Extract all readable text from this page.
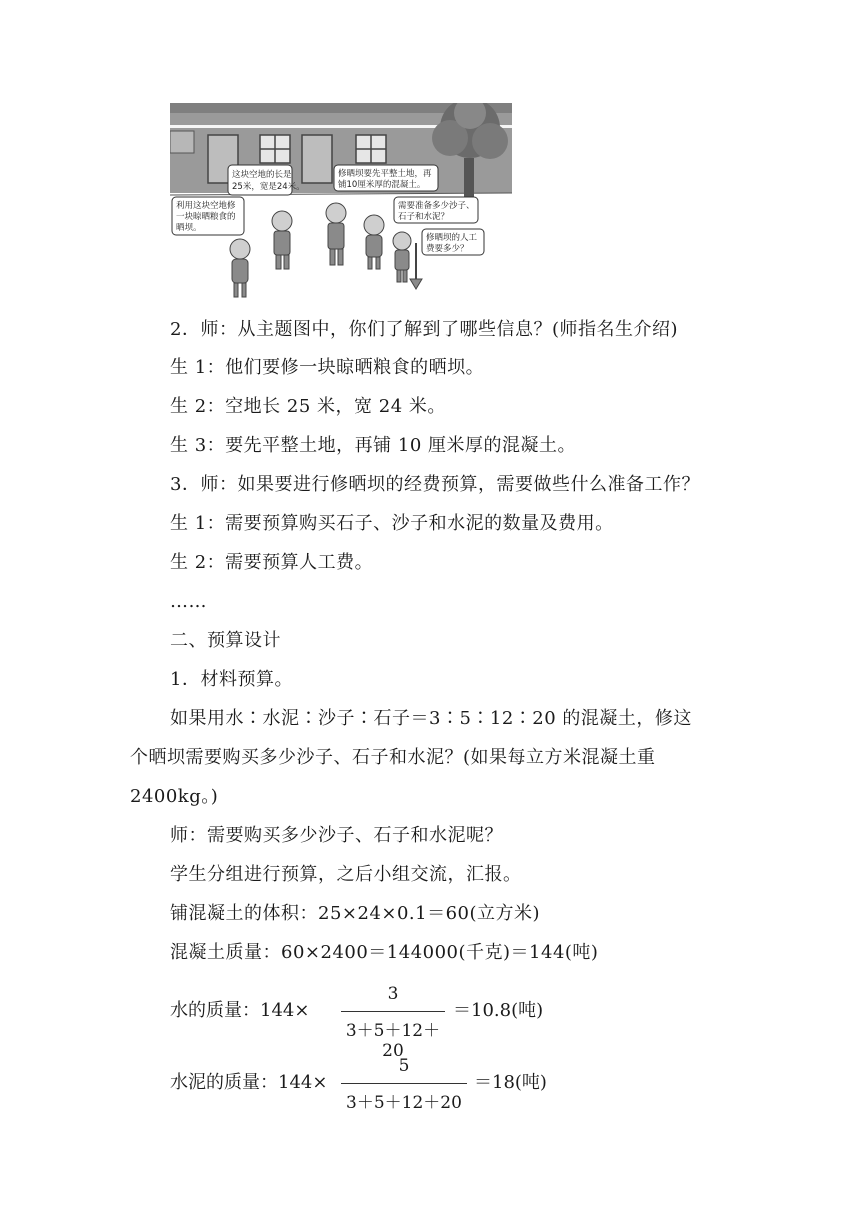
这块空地的长是
25米，宽是24米。
修晒坝要先平整土地，再
铺10厘米厚的混凝土。
利用这块空地修
一块晾晒粮食的
晒坝。
需要准备多少沙子、
石子和水泥？
修晒坝的人工
费要多少？
2．师：从主题图中，你们了解到了哪些信息？(师指名生介绍)
生 1：他们要修一块晾晒粮食的晒坝。
生 2：空地长 25 米，宽 24 米。
生 3：要先平整土地，再铺 10 厘米厚的混凝土。
3．师：如果要进行修晒坝的经费预算，需要做些什么准备工作？
生 1：需要预算购买石子、沙子和水泥的数量及费用。
生 2：需要预算人工费。
……
二、预算设计
1．材料预算。
如果用水∶水泥∶沙子∶石子＝3∶5∶12∶20 的混凝土，修这
个晒坝需要购买多少沙子、石子和水泥？(如果每立方米混凝土重
2400kg。)
师：需要购买多少沙子、石子和水泥呢？
学生分组进行预算，之后小组交流，汇报。
铺混凝土的体积：25×24×0.1＝60(立方米)
混凝土质量：60×2400＝144000(千克)＝144(吨)
水的质量：144×
3
3＋5＋12＋20
＝10.8(吨)
水泥的质量：144×
5
3＋5＋12＋20
＝18(吨)
